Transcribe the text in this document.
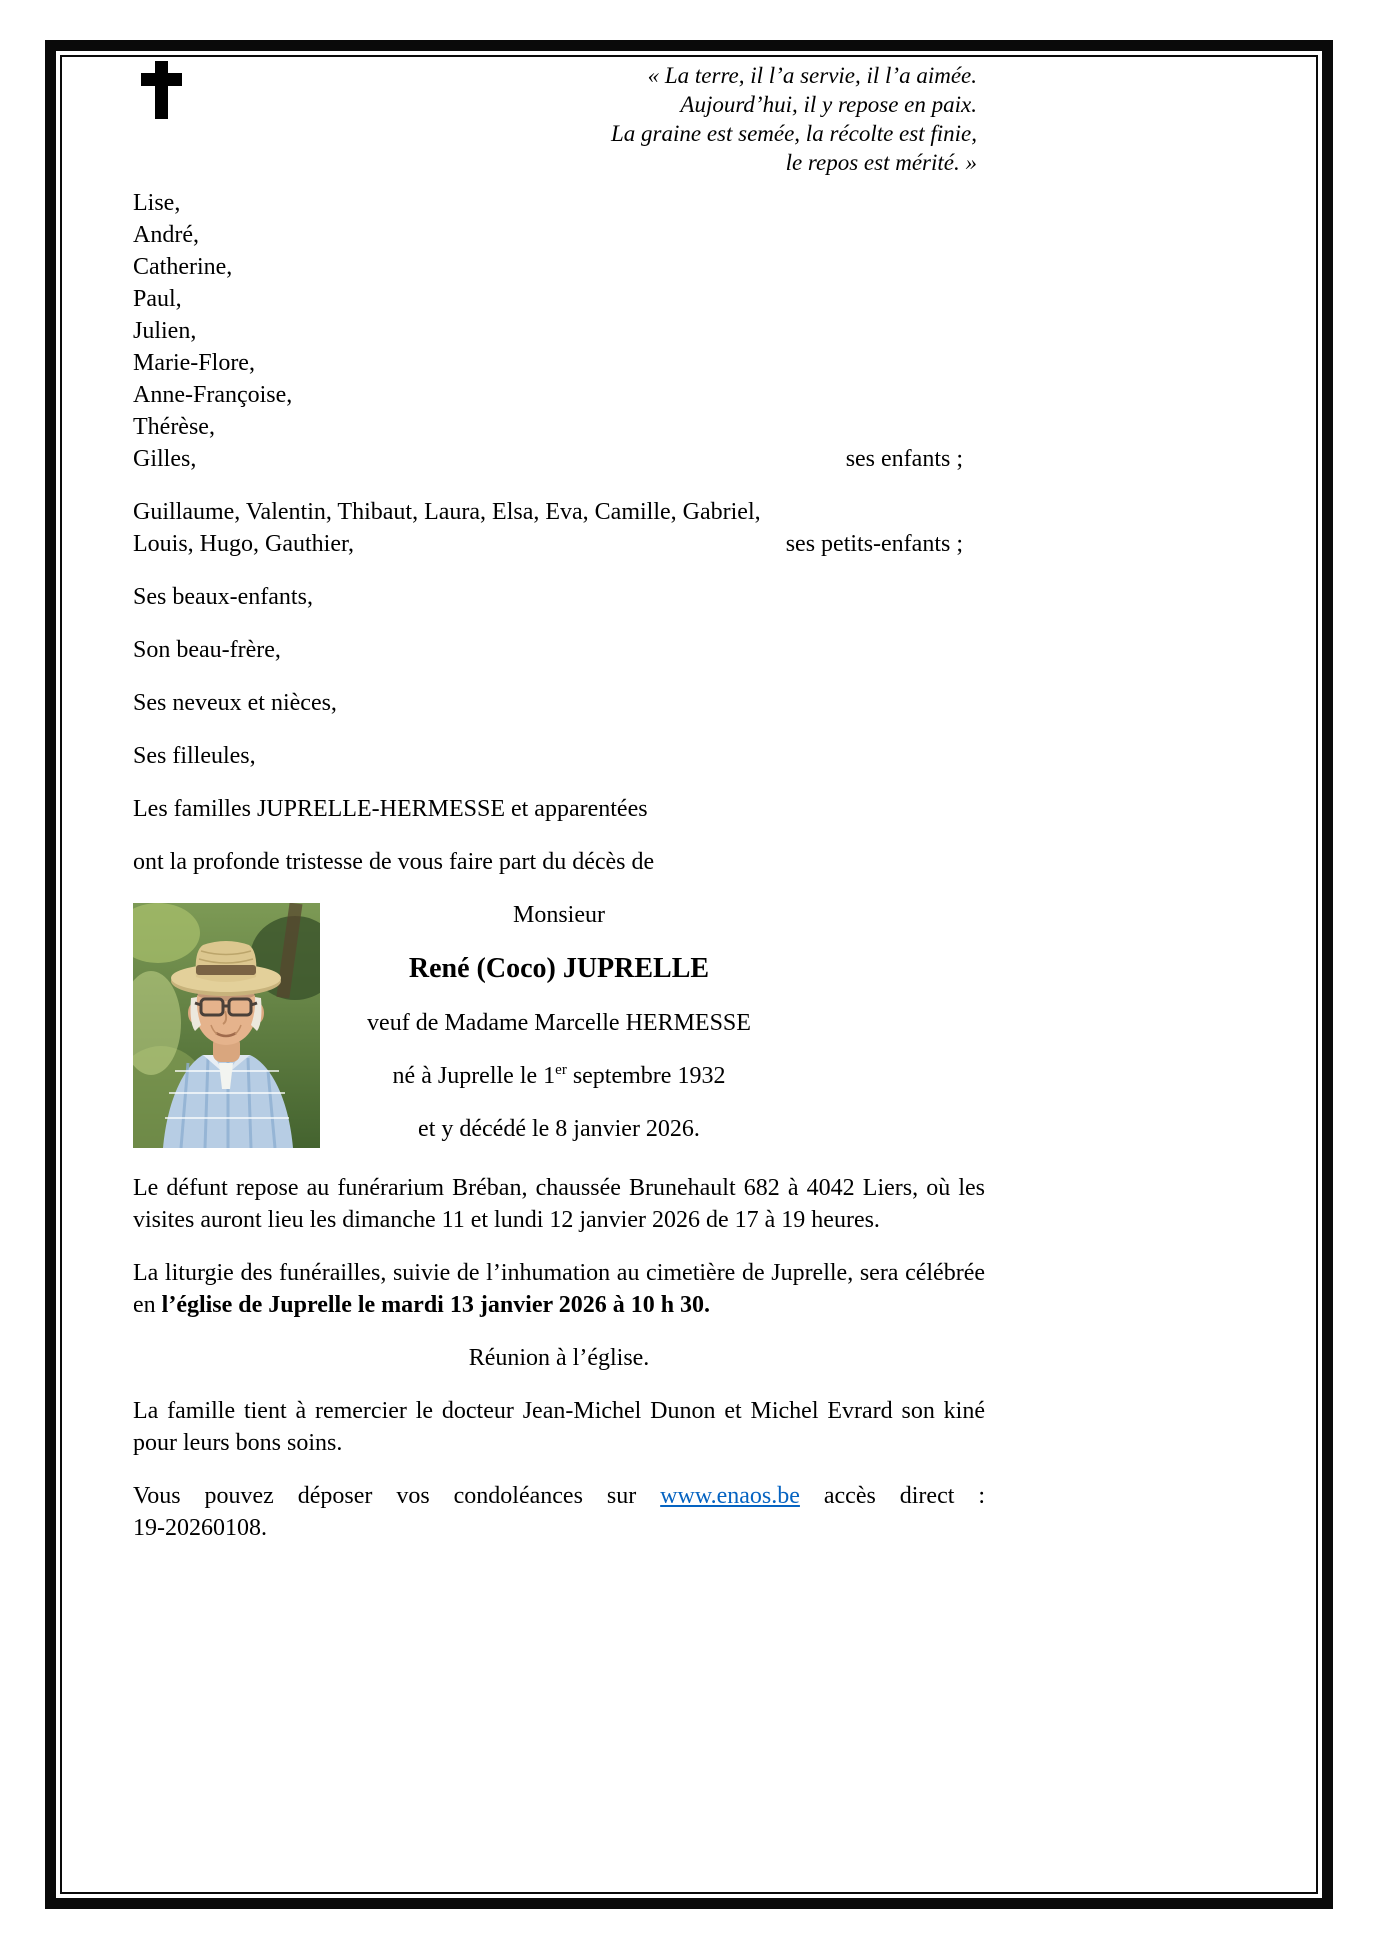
« La terre, il l’a servie, il l’a aimée.
Aujourd’hui, il y repose en paix.
La graine est semée, la récolte est finie,
le repos est mérité. »
Lise,
André,
Catherine,
Paul,
Julien,
Marie-Flore,
Anne-Françoise,
Thérèse,
Gilles,	ses enfants ;
Guillaume, Valentin, Thibaut, Laura, Elsa, Eva, Camille, Gabriel,
Louis, Hugo, Gauthier,	ses petits-enfants ;
Ses beaux-enfants,
Son beau-frère,
Ses neveux et nièces,
Ses filleules,
Les familles JUPRELLE-HERMESSE et apparentées
ont la profonde tristesse de vous faire part du décès de
Monsieur
René (Coco) JUPRELLE
veuf de Madame Marcelle HERMESSE
né à Juprelle le 1er septembre 1932
et y décédé le 8 janvier 2026.
Le défunt repose au funérarium Bréban, chaussée Brunehault 682 à 4042 Liers, où les visites auront lieu les dimanche 11 et lundi 12 janvier 2026 de 17 à 19 heures.
La liturgie des funérailles, suivie de l’inhumation au cimetière de Juprelle, sera célébrée en l’église de Juprelle le mardi 13 janvier 2026 à 10 h 30.
Réunion à l’église.
La famille tient à remercier le docteur Jean-Michel Dunon et Michel Evrard son kiné pour leurs bons soins.
Vous pouvez déposer vos condoléances sur www.enaos.be accès direct :
19-20260108.
